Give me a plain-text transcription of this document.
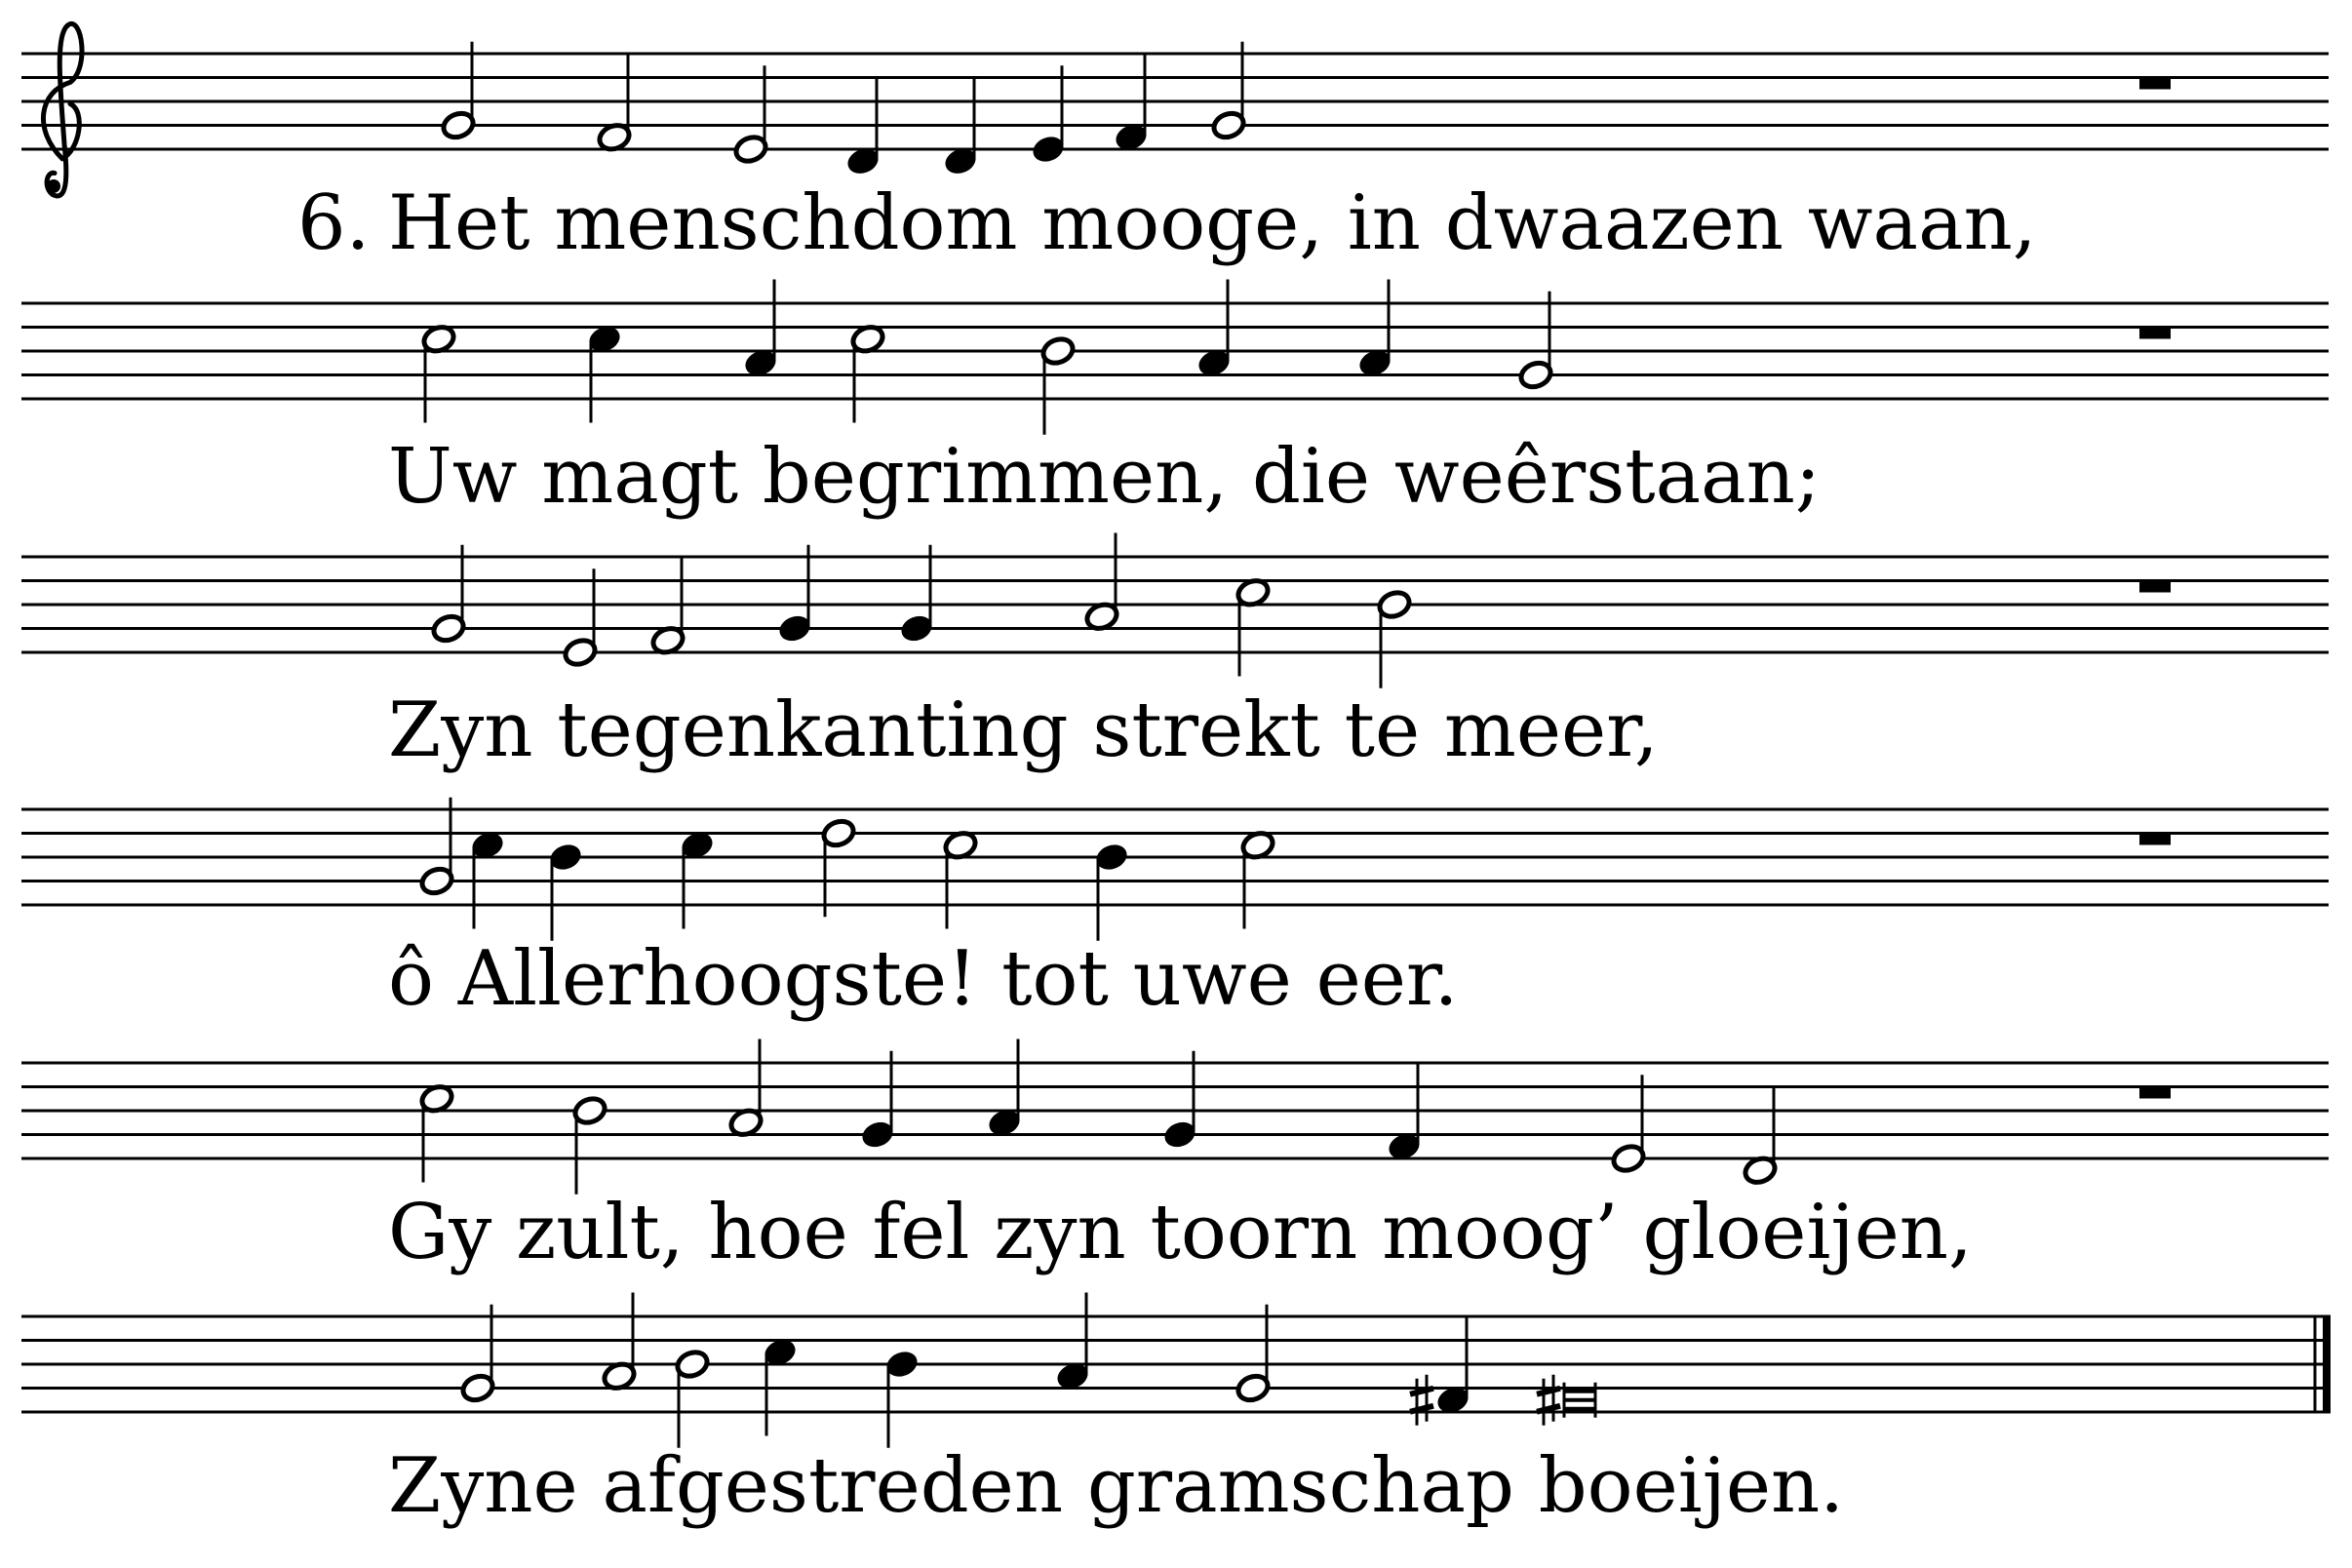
6. Het menschdom mooge, in dwaazen waan,
Uw magt begrimmen, die weêrstaan;
Zyn tegenkanting strekt te meer,
ô Allerhoogste! tot uwe eer.
Gy zult, hoe fel zyn toorn moog’ gloeijen,
Zyne afgestreden gramschap boeijen.
